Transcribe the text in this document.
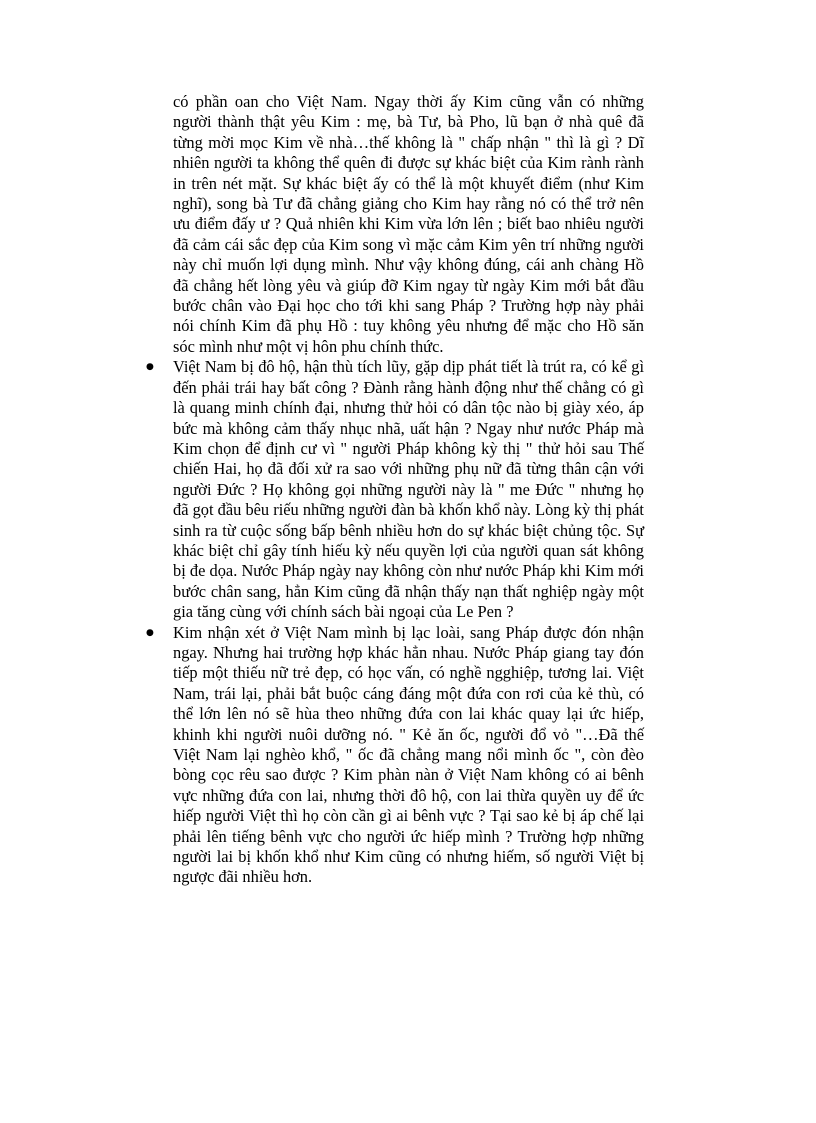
có phần oan cho Việt Nam. Ngay thời ấy Kim cũng vẫn có những người thành thật yêu Kim : mẹ, bà Tư, bà Pho, lũ bạn ở nhà quê đã từng mời mọc Kim về nhà…thế không là " chấp nhận " thì là gì ? Dĩ nhiên người ta không thể quên đi được sự khác biệt của Kim rành rành in trên nét mặt. Sự khác biệt ấy có thể là một khuyết điểm (như Kim nghĩ), song bà Tư đã chẳng giảng cho Kim hay rằng nó có thể trở nên ưu điểm đấy ư ? Quả nhiên khi Kim vừa lớn lên ; biết bao nhiêu người đã cảm cái sắc đẹp của Kim song vì mặc cảm Kim yên trí những người này chỉ muốn lợi dụng mình. Như vậy không đúng, cái anh chàng Hồ đã chẳng hết lòng yêu và giúp đỡ Kim ngay từ ngày Kim mới bắt đầu bước chân vào Đại học cho tới khi sang Pháp ? Trường hợp này phải nói chính Kim đã phụ Hồ : tuy không yêu nhưng để mặc cho Hồ săn sóc mình như một vị hôn phu chính thức.

● Việt Nam bị đô hộ, hận thù tích lũy, gặp dịp phát tiết là trút ra, có kể gì đến phải trái hay bất công ? Đành rằng hành động như thế chẳng có gì là quang minh chính đại, nhưng thử hỏi có dân tộc nào bị giày xéo, áp bức mà không cảm thấy nhục nhã, uất hận ? Ngay như nước Pháp mà Kim chọn để định cư vì " người Pháp không kỳ thị " thử hỏi sau Thế chiến Hai, họ đã đối xử ra sao với những phụ nữ đã từng thân cận với người Đức ? Họ không gọi những người này là " me Đức " nhưng họ đã gọt đầu bêu riếu những người đàn bà khốn khổ này. Lòng kỳ thị phát sinh ra từ cuộc sống bấp bênh nhiều hơn do sự khác biệt chủng tộc. Sự khác biệt chỉ gây tính hiếu kỳ nếu quyền lợi của người quan sát không bị đe dọa. Nước Pháp ngày nay không còn như nước Pháp khi Kim mới bước chân sang, hẳn Kim cũng đã nhận thấy nạn thất nghiệp ngày một gia tăng cùng với chính sách bài ngoại của Le Pen ?
● Kim nhận xét ở Việt Nam mình bị lạc loài, sang Pháp được đón nhận ngay. Nhưng hai trường hợp khác hẳn nhau. Nước Pháp giang tay đón tiếp một thiếu nữ trẻ đẹp, có học vấn, có nghề ngghiệp, tương lai. Việt Nam, trái lại, phải bắt buộc cáng đáng một đứa con rơi của kẻ thù, có thể lớn lên nó sẽ hùa theo những đứa con lai khác quay lại ức hiếp, khinh khi người nuôi dưỡng nó. " Kẻ ăn ốc, người đổ vỏ "…Đã thế Việt Nam lại nghèo khổ, " ốc đã chẳng mang nổi mình ốc ", còn đèo bòng cọc rêu sao được ? Kim phàn nàn ở Việt Nam không có ai bênh vực những đứa con lai, nhưng thời đô hộ, con lai thừa quyền uy để ức hiếp người Việt thì họ còn cần gì ai bênh vực ? Tại sao kẻ bị áp chế lại phải lên tiếng bênh vực cho người ức hiếp mình ? Trường hợp những người lai bị khốn khổ như Kim cũng có nhưng hiếm, số người Việt bị ngược đãi nhiều hơn.
